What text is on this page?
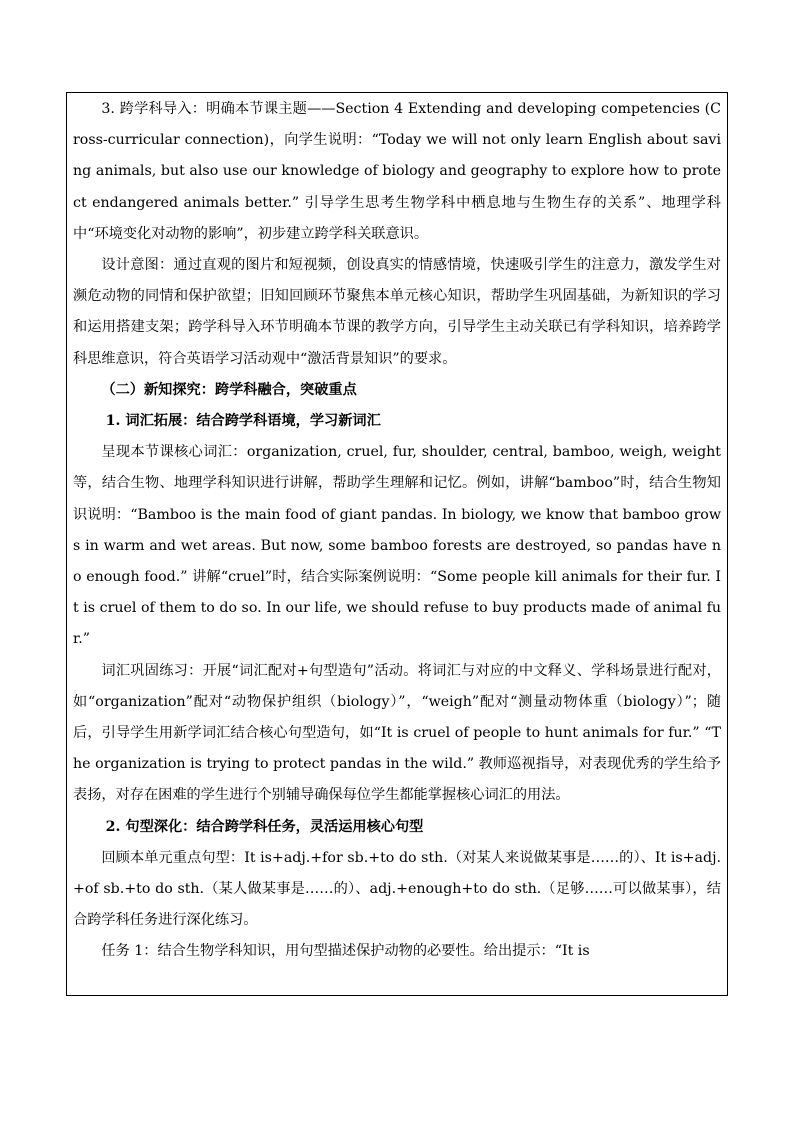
3. 跨学科导入：明确本节课主题——Section 4 Extending and developing competencies (Cross-curricular connection)，向学生说明：“Today we will not only learn English about saving animals, but also use our knowledge of biology and geography to explore how to protect endangered animals better.” 引导学生思考生物学科中栖息地与生物生存的关系”、地理学科中“环境变化对动物的影响”，初步建立跨学科关联意识。

设计意图：通过直观的图片和短视频，创设真实的情感情境，快速吸引学生的注意力，激发学生对濒危动物的同情和保护欲望；旧知回顾环节聚焦本单元核心知识，帮助学生巩固基础，为新知识的学习和运用搭建支架；跨学科导入环节明确本节课的教学方向，引导学生主动关联已有学科知识，培养跨学科思维意识，符合英语学习活动观中“激活背景知识”的要求。

（二）新知探究：跨学科融合，突破重点

1. 词汇拓展：结合跨学科语境，学习新词汇

呈现本节课核心词汇：organization, cruel, fur, shoulder, central, bamboo, weigh, weight 等，结合生物、地理学科知识进行讲解，帮助学生理解和记忆。例如，讲解“bamboo”时，结合生物知识说明：“Bamboo is the main food of giant pandas. In biology, we know that bamboo grows in warm and wet areas. But now, some bamboo forests are destroyed, so pandas have no enough food.” 讲解“cruel”时，结合实际案例说明：“Some people kill animals for their fur. It is cruel of them to do so. In our life, we should refuse to buy products made of animal fur.”

词汇巩固练习：开展“词汇配对+句型造句”活动。将词汇与对应的中文释义、学科场景进行配对，如“organization”配对“动物保护组织（biology）”，“weigh”配对“测量动物体重（biology）”；随后，引导学生用新学词汇结合核心句型造句，如“It is cruel of people to hunt animals for fur.” “The organization is trying to protect pandas in the wild.” 教师巡视指导，对表现优秀的学生给予表扬，对存在困难的学生进行个别辅导确保每位学生都能掌握核心词汇的用法。

2. 句型深化：结合跨学科任务，灵活运用核心句型

回顾本单元重点句型：It is+adj.+for sb.+to do sth.（对某人来说做某事是……的）、It is+adj.+of sb.+to do sth.（某人做某事是……的）、adj.+enough+to do sth.（足够……可以做某事），结合跨学科任务进行深化练习。

任务 1：结合生物学科知识，用句型描述保护动物的必要性。给出提示：“It is
